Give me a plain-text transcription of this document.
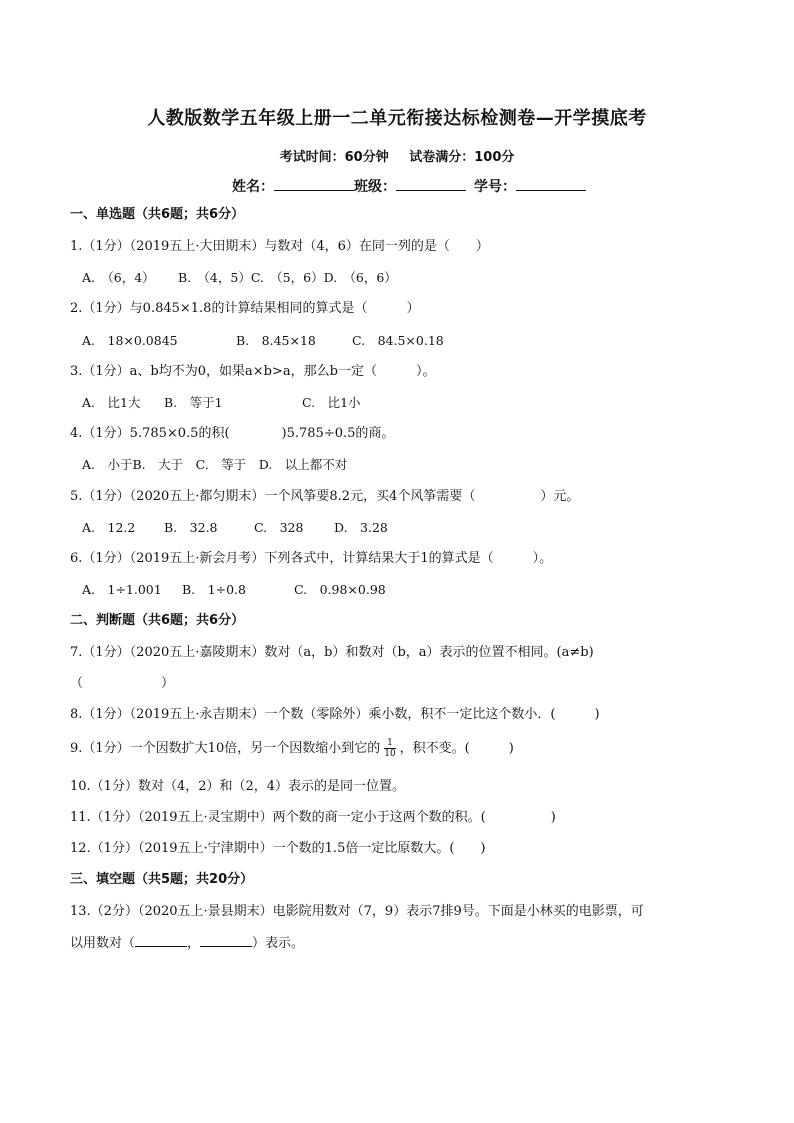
人教版数学五年级上册一二单元衔接达标检测卷—开学摸底考
考试时间：60分钟 试卷满分：100分
姓名：	班级：	学号：
一、单选题（共6题；共6分）
1.（1分）（2019五上·大田期末）与数对（4，6）在同一列的是（　　）
A.　（6，4） B.　（4，5）C.　（5，6）D.　（6，6）
2.（1分）与0.845×1.8的计算结果相同的算式是（　　　）
A.　18×0.0845	B.　8.45×18	C.　84.5×0.18
3.（1分）a、b均不为0，如果a×b>a，那么b一定（　　　）。
A.　比1大 B.　等于1	C.　比1小
4.（1分）5.785×0.5的积(　　　　)5.785÷0.5的商。
A.　小于B.　大于　C.　等于　D.　以上都不对
5.（1分）（2020五上·都匀期末）一个风筝要8.2元，买4个风筝需要（　　　　　）元。
A.　12.2 B.　32.8	C.　328 D.　3.28
6.（1分）（2019五上·新会月考）下列各式中，计算结果大于1的算式是（　　　）。
A.　1÷1.001 B.　1÷0.8	C.　0.98×0.98
二、判断题（共6题；共6分）
7.（1分）（2020五上·嘉陵期末）数对（a，b）和数对（b，a）表示的位置不相同。(a≠b)
（　　　　　　）
8.（1分）（2019五上·永吉期末）一个数（零除外）乘小数，积不一定比这个数小．(　　　)
9.（1分）一个因数扩大10倍，另一个因数缩小到它的 $\frac{1}{10}$ ，积不变。(　　　)
10.（1分）数对（4，2）和（2，4）表示的是同一位置。
11.（1分）（2019五上·灵宝期中）两个数的商一定小于这两个数的积。(　　　　　)
12.（1分）（2019五上·宁津期中）一个数的1.5倍一定比原数大。(　　)
三、填空题（共5题；共20分）
13.（2分）（2020五上·景县期末）电影院用数对（7，9）表示7排9号。下面是小林买的电影票，可
以用数对（	，	）表示。
